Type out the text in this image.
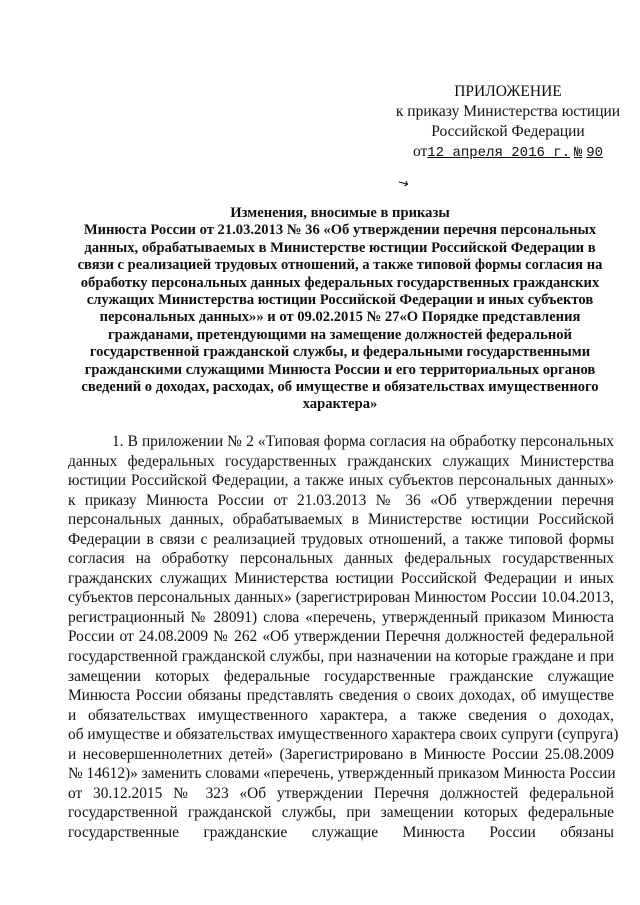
ПРИЛОЖЕНИЕ
к приказу Министерства юстиции
Российской Федерации
от12 апреля 2016 г. № 90
↘
Изменения, вносимые в приказы
Минюста России от 21.03.2013 № 36 «Об утверждении перечня персональных
данных, обрабатываемых в Министерстве юстиции Российской Федерации в
связи с реализацией трудовых отношений, а также типовой формы согласия на
обработку персональных данных федеральных государственных гражданских
служащих Министерства юстиции Российской Федерации и иных субъектов
персональных данных»» и от 09.02.2015 № 27«О Порядке представления
гражданами, претендующими на замещение должностей федеральной
государственной гражданской службы, и федеральными государственными
гражданскими служащими Минюста России и его территориальных органов
сведений о доходах, расходах, об имуществе и обязательствах имущественного
характера»
1. В приложении № 2 «Типовая форма согласия на обработку персональных
данных федеральных государственных гражданских служащих Министерства
юстиции Российской Федерации, а также иных субъектов персональных данных»
к приказу Минюста России от 21.03.2013 № 36 «Об утверждении перечня
персональных данных, обрабатываемых в Министерстве юстиции Российской
Федерации в связи с реализацией трудовых отношений, а также типовой формы
согласия на обработку персональных данных федеральных государственных
гражданских служащих Министерства юстиции Российской Федерации и иных
субъектов персональных данных» (зарегистрирован Минюстом России 10.04.2013,
регистрационный № 28091) слова «перечень, утвержденный приказом Минюста
России от 24.08.2009 № 262 «Об утверждении Перечня должностей федеральной
государственной гражданской службы, при назначении на которые граждане и при
замещении которых федеральные государственные гражданские служащие
Минюста России обязаны представлять сведения о своих доходах, об имуществе
и обязательствах имущественного характера, а также сведения о доходах,
об имуществе и обязательствах имущественного характера своих супруги (супруга)
и несовершеннолетних детей» (Зарегистрировано в Минюсте России 25.08.2009
№ 14612)» заменить словами «перечень, утвержденный приказом Минюста России
от 30.12.2015 № 323 «Об утверждении Перечня должностей федеральной
государственной гражданской службы, при замещении которых федеральные
государственные гражданские служащие Минюста России обязаны
